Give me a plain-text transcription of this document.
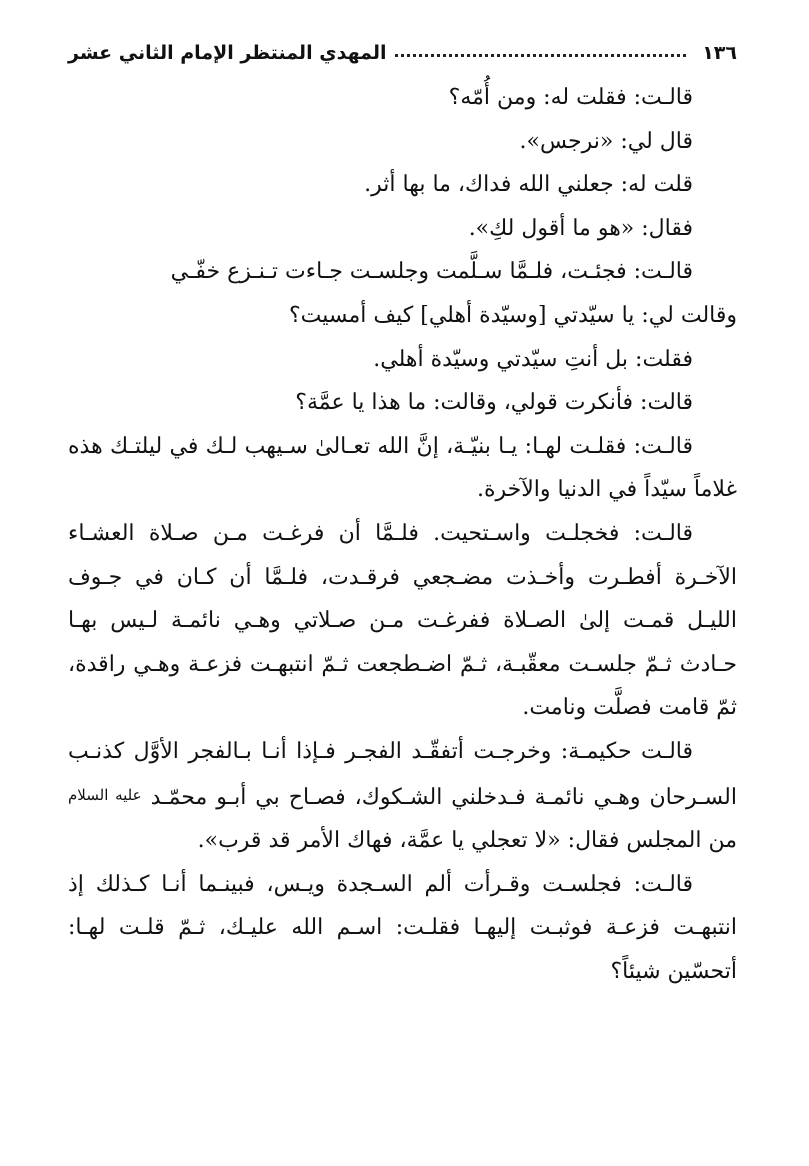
١٣٦
المهدي المنتظر الإمام الثاني عشر

قالـت: فقلت له: ومن أُمّه؟

قال لي: «نرجس».

قلت له: جعلني الله فداك، ما بها أثر.

فقال: «هو ما أقول لكِ».

قالـت: فجئـت، فلـمَّا سـلَّمت وجلسـت جـاءت تـنـزع خفّـي

وقالت لي: يا سيّدتي [وسيّدة أهلي] كيف أمسيت؟

فقلت: بل أنتِ سيّدتي وسيّدة أهلي.

قالت: فأنكرت قولي، وقالت: ما هذا يا عمَّة؟

قالـت: فقلـت لهـا: يـا بنيّـة، إنَّ الله تعـالىٰ سـيهب لـك في ليلتـك هذه غلاماً سيّداً في الدنيا والآخرة.

قالـت: فخجلـت واسـتحيت. فلـمَّا أن فرغـت مـن صـلاة العشـاء الآخـرة أفطـرت وأخـذت مضـجعي فرقـدت، فلـمَّا أن كـان في جـوف الليـل قمـت إلىٰ الصـلاة ففرغـت مـن صـلاتي وهـي نائمـة لـيس بهـا حـادث ثـمّ جلسـت معقّبـة، ثـمّ اضـطجعت ثـمّ انتبهـت فزعـة وهـي راقدة، ثمّ قامت فصلَّت ونامت.

قالـت حكيمـة: وخرجـت أتفقّـد الفجـر فـإذا أنـا بـالفجر الأوَّل كذنـب السـرحان وهـي نائمـة فـدخلني الشـكوك، فصـاح بي أبـو محمّـد عليه السلام من المجلس فقال: «لا تعجلي يا عمَّة، فهاك الأمر قد قرب».

قالـت: فجلسـت وقـرأت ألم السـجدة ويـس، فبينـما أنـا كـذلك إذ انتبهـت فزعـة فوثبـت إليهـا فقلـت: اسـم الله عليـك، ثـمّ قلـت لهـا: أتحسّين شيئاً؟
